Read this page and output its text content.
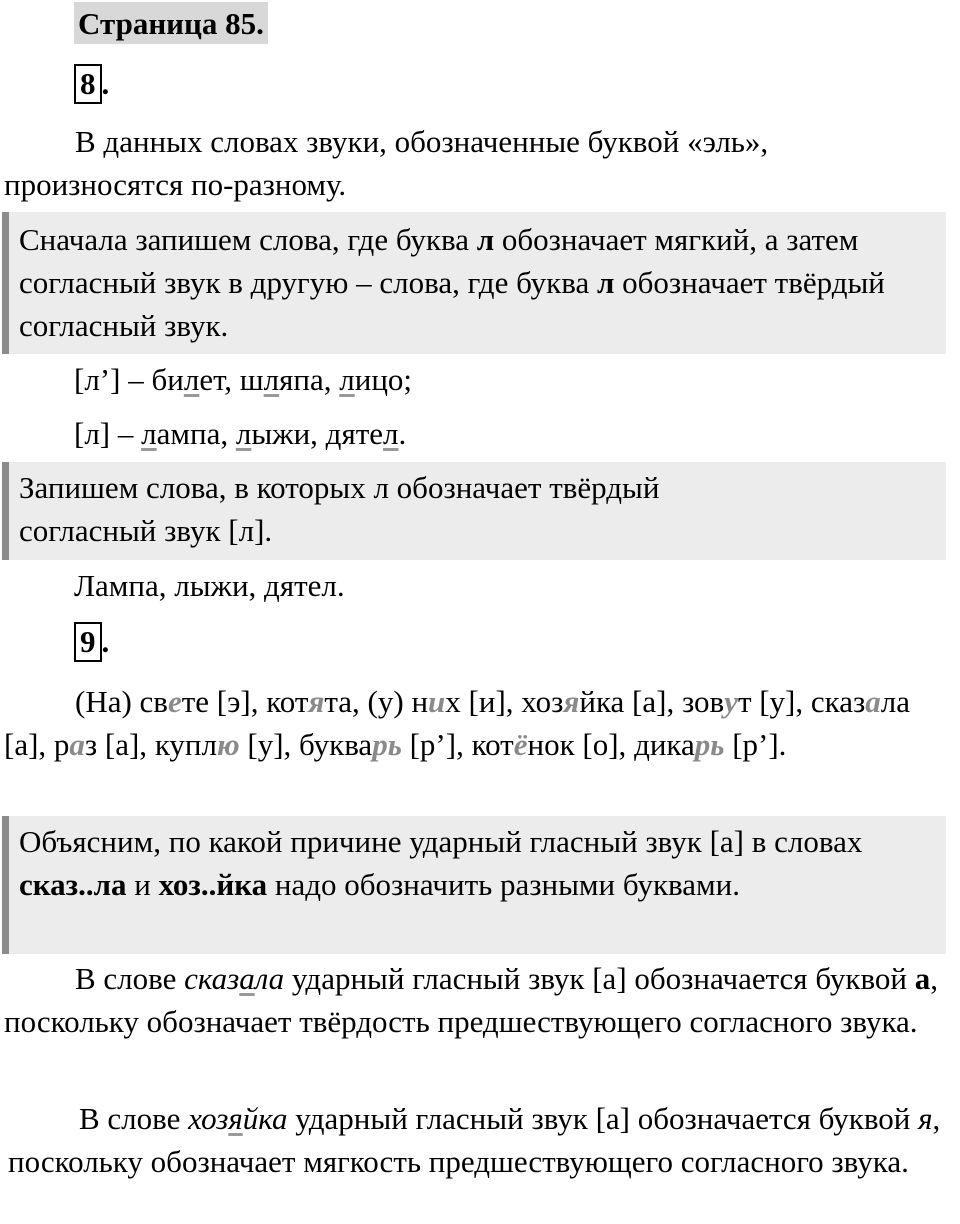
Страница 85.
8 .
В данных словах звуки, обозначенные буквой «эль», произносятся по-разному.
Сначала запишем слова, где буква л обозначает мягкий, а затем согласный звук в другую – слова, где буква л обозначает твёрдый согласный звук.
[л’] – билет, шляпа, лицо;
[л] – лампа, лыжи, дятел.
Запишем слова, в которых л обозначает твёрдый согласный звук [л].
Лампа, лыжи, дятел.
9 .
(На) свете [э], котята, (у) них [и], хозяйка [а], зовут [у], сказала [а], раз [а], куплю [у], букварь [р’], котёнок [о], дикарь [р’].
Объясним, по какой причине ударный гласный звук [а] в словах сказ..ла и хоз..йка надо обозначить разными буквами.
В слове сказала ударный гласный звук [а] обозначается буквой а, поскольку обозначает твёрдость предшествующего согласного звука.
В слове хозяйка ударный гласный звук [а] обозначается буквой я, поскольку обозначает мягкость предшествующего согласного звука.
